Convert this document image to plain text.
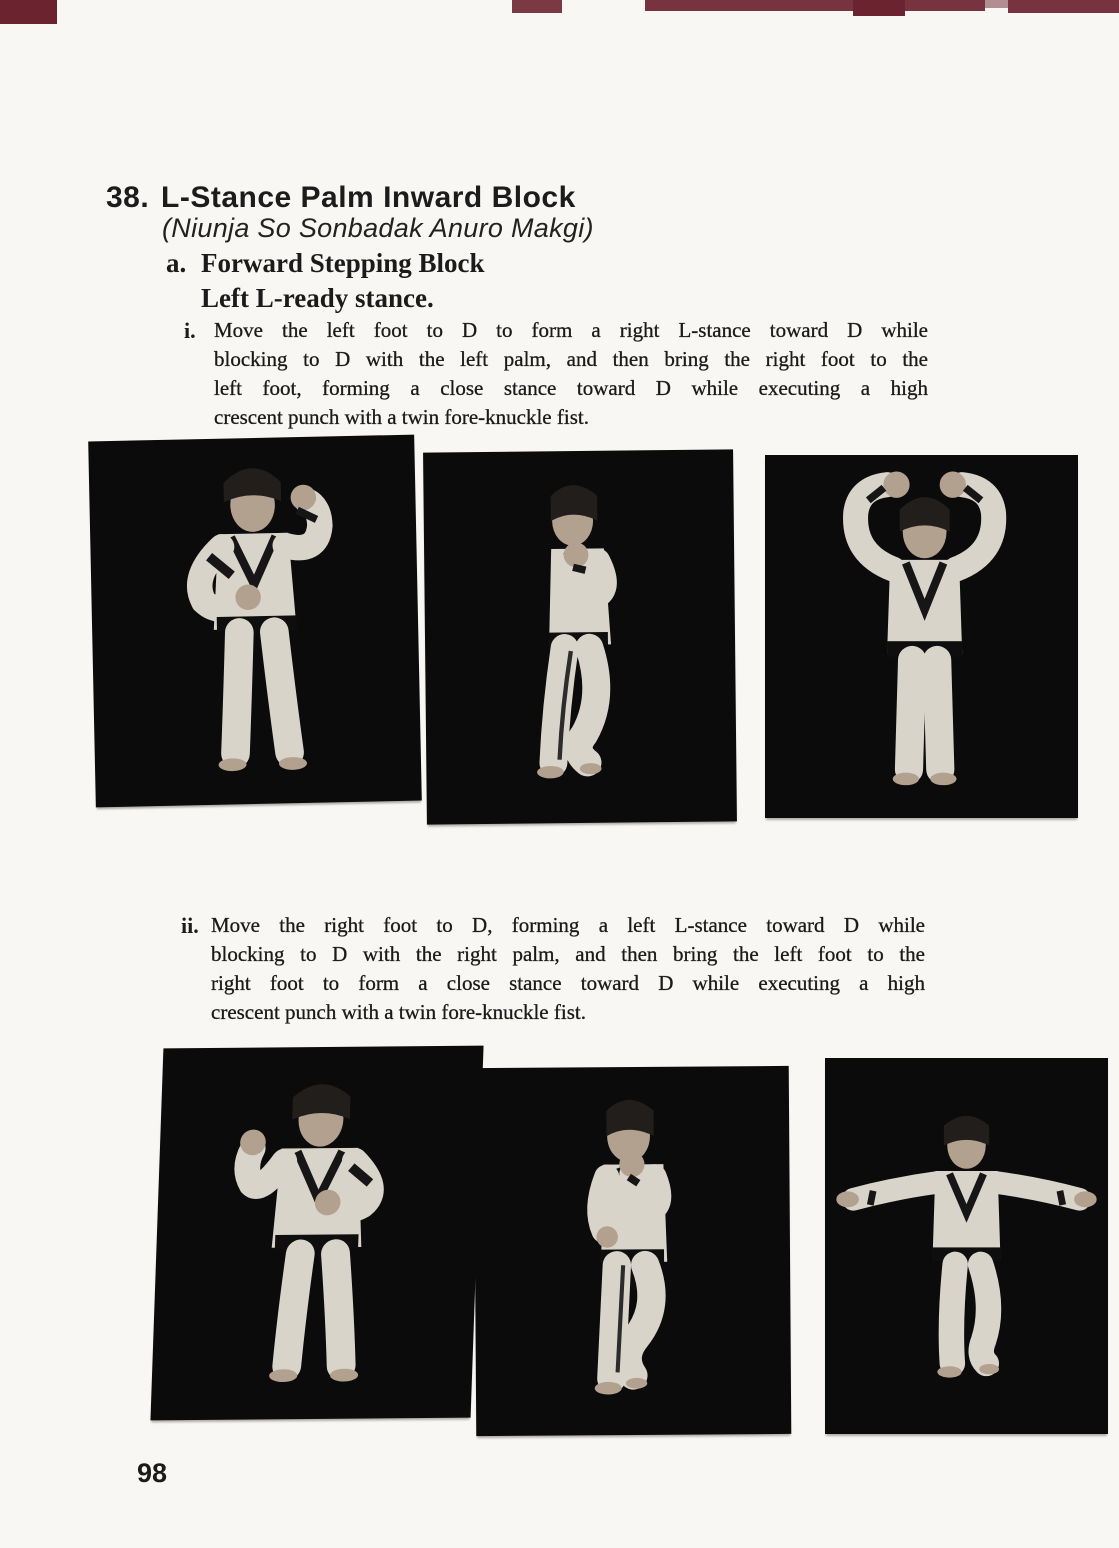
38. L-Stance Palm Inward Block
(Niunja So Sonbadak Anuro Makgi)
a. Forward Stepping Block
Left L-ready stance.
i. Move the left foot to D to form a right L-stance toward D while
blocking to D with the left palm, and then bring the right foot to the
left foot, forming a close stance toward D while executing a high
crescent punch with a twin fore-knuckle fist.
ii. Move the right foot to D, forming a left L-stance toward D while
blocking to D with the right palm, and then bring the left foot to the
right foot to form a close stance toward D while executing a high
crescent punch with a twin fore-knuckle fist.
98
